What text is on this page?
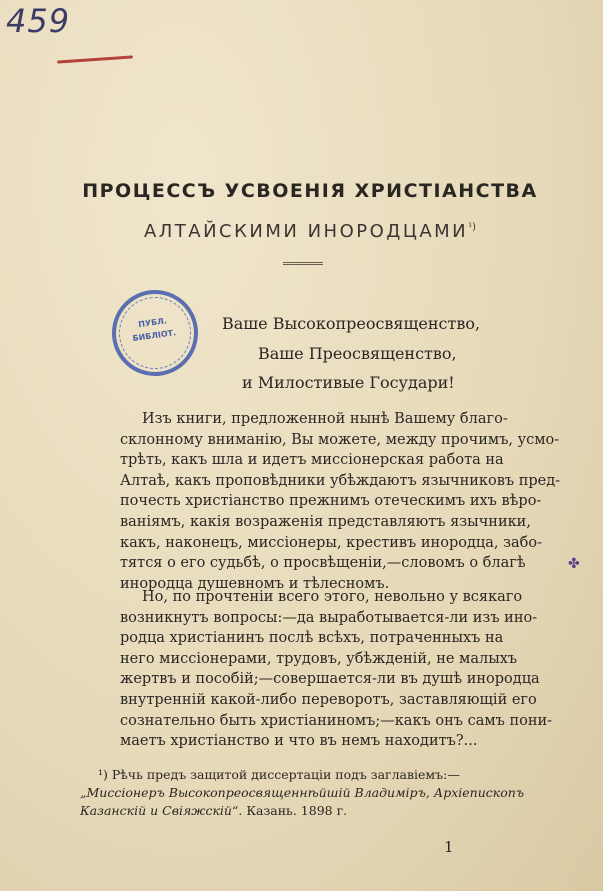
459
ПРОЦЕССЪ УСВОЕНІЯ ХРИСТІАНСТВА
АЛТАЙСКИМИ $ИНОРОДЦАМИ^{^1)}$
ПУБЛ.
БИБЛІОТ.
Ваше Высокопреосвященство,
Ваше Преосвященство,
и Милостивые Государи!
Изъ книги, предложенной нынѣ Вашему благо-
склонному вниманію, Вы можете, между прочимъ, усмо-
трѣть, какъ шла и идетъ миссіонерская работа на
Алтаѣ, какъ проповѣдники убѣждаютъ язычниковъ пред-
почесть христіанство прежнимъ отеческимъ ихъ вѣро-
ваніямъ, какія возраженія представляютъ язычники,
какъ, наконецъ, миссіонеры, крестивъ инородца, забо-
тятся о его судьбѣ, о просвѣщеніи,—словомъ о благѣ
инородца душевномъ и тѣлесномъ.
✤
Но, по прочтеніи всего этого, невольно у всякаго
возникнутъ вопросы:—да выработывается-ли изъ ино-
родца христіанинъ послѣ всѣхъ, потраченныхъ на
него миссіонерами, трудовъ, убѣжденій, не малыхъ
жертвъ и пособій;—совершается-ли въ душѣ инородца
внутренній какой-либо переворотъ, заставляющій его
сознательно быть христіаниномъ;—какъ онъ самъ пони-
маетъ христіанство и что въ немъ находитъ?...
¹) Рѣчь предъ защитой диссертаціи подъ заглавіемъ:—
„Миссіонеръ Высокопреосвященнѣйшій Владиміръ, Архіепископъ
Казанскій и Свіяжскій“. Казань. 1898 г.
1
